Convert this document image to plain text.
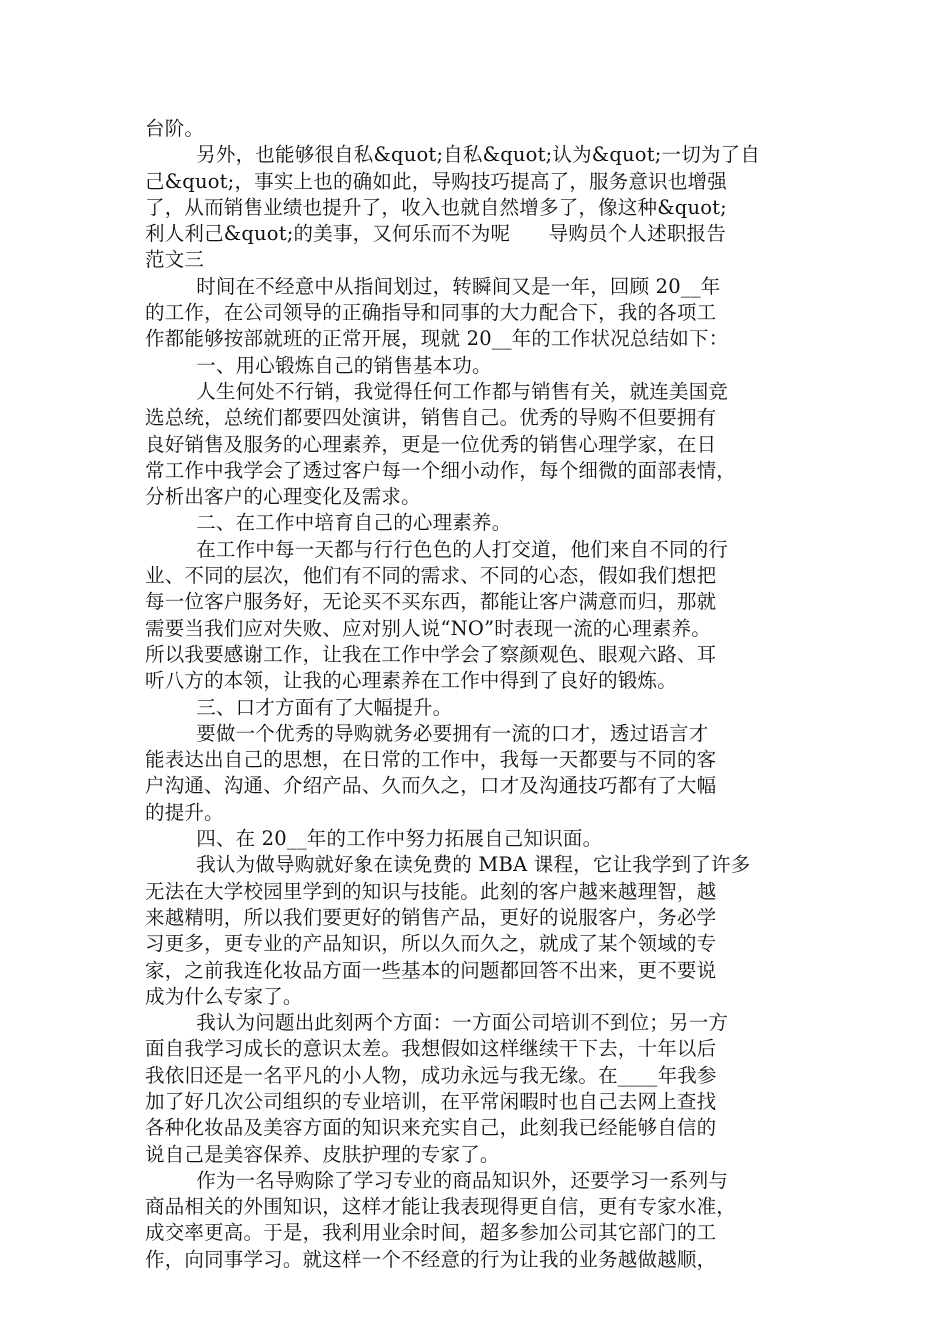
台阶。
另外，也能够很自私&quot;自私&quot;认为&quot;一切为了自
己&quot;，事实上也的确如此，导购技巧提高了，服务意识也增强
了，从而销售业绩也提升了，收入也就自然增多了，像这种&quot;
利人利己&quot;的美事，又何乐而不为呢      导购员个人述职报告
范文三
时间在不经意中从指间划过，转瞬间又是一年，回顾 20__年
的工作，在公司领导的正确指导和同事的大力配合下，我的各项工
作都能够按部就班的正常开展，现就 20__年的工作状况总结如下：
一、用心锻炼自己的销售基本功。
人生何处不行销，我觉得任何工作都与销售有关，就连美国竞
选总统，总统们都要四处演讲，销售自己。优秀的导购不但要拥有
良好销售及服务的心理素养，更是一位优秀的销售心理学家，在日
常工作中我学会了透过客户每一个细小动作，每个细微的面部表情，
分析出客户的心理变化及需求。
二、在工作中培育自己的心理素养。
在工作中每一天都与行行色色的人打交道，他们来自不同的行
业、不同的层次，他们有不同的需求、不同的心态，假如我们想把
每一位客户服务好，无论买不买东西，都能让客户满意而归，那就
需要当我们应对失败、应对别人说“NO”时表现一流的心理素养。
所以我要感谢工作，让我在工作中学会了察颜观色、眼观六路、耳
听八方的本领，让我的心理素养在工作中得到了良好的锻炼。
三、口才方面有了大幅提升。
要做一个优秀的导购就务必要拥有一流的口才，透过语言才
能表达出自己的思想，在日常的工作中，我每一天都要与不同的客
户沟通、沟通、介绍产品、久而久之，口才及沟通技巧都有了大幅
的提升。
四、在 20__年的工作中努力拓展自己知识面。
我认为做导购就好象在读免费的 MBA 课程，它让我学到了许多
无法在大学校园里学到的知识与技能。此刻的客户越来越理智，越
来越精明，所以我们要更好的销售产品，更好的说服客户，务必学
习更多，更专业的产品知识，所以久而久之，就成了某个领域的专
家，之前我连化妆品方面一些基本的问题都回答不出来，更不要说
成为什么专家了。
我认为问题出此刻两个方面：一方面公司培训不到位；另一方
面自我学习成长的意识太差。我想假如这样继续干下去，十年以后
我依旧还是一名平凡的小人物，成功永远与我无缘。在____年我参
加了好几次公司组织的专业培训，在平常闲暇时也自己去网上查找
各种化妆品及美容方面的知识来充实自己，此刻我已经能够自信的
说自己是美容保养、皮肤护理的专家了。
作为一名导购除了学习专业的商品知识外，还要学习一系列与
商品相关的外围知识，这样才能让我表现得更自信，更有专家水准，
成交率更高。于是，我利用业余时间，超多参加公司其它部门的工
作，向同事学习。就这样一个不经意的行为让我的业务越做越顺，
